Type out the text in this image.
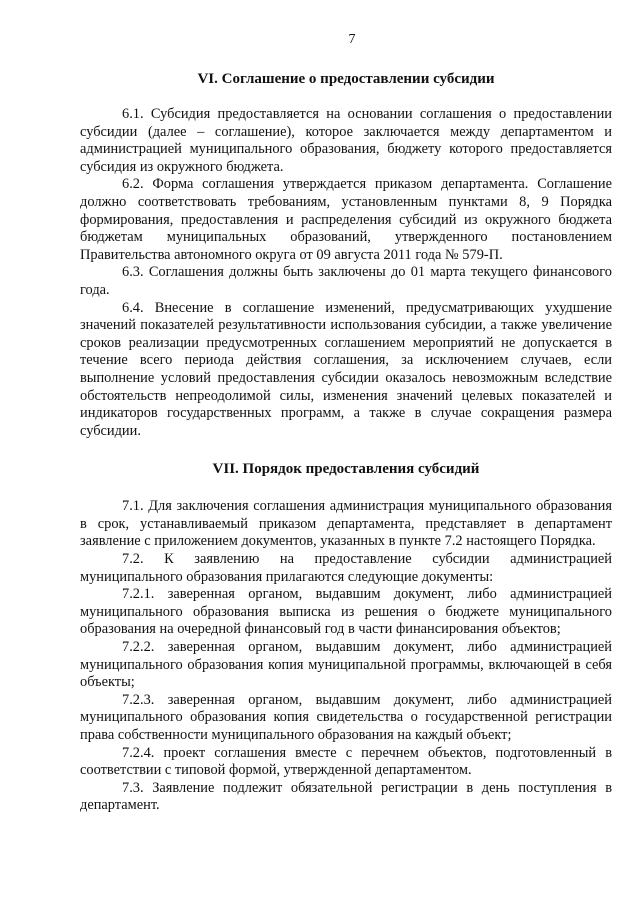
7
VI. Соглашение о предоставлении субсидии

6.1. Субсидия предоставляется на основании соглашения о предоставлении субсидии (далее – соглашение), которое заключается между департаментом и администрацией муниципального образования, бюджету которого предоставляется субсидия из окружного бюджета.

6.2. Форма соглашения утверждается приказом департамента. Соглашение должно соответствовать требованиям, установленным пунктами 8, 9 Порядка формирования, предоставления и распределения субсидий из окружного бюджета бюджетам муниципальных образований, утвержденного постановлением Правительства автономного округа от 09 августа 2011 года № 579-П.

6.3. Соглашения должны быть заключены до 01 марта текущего финансового года.

6.4. Внесение в соглашение изменений, предусматривающих ухудшение значений показателей результативности использования субсидии, а также увеличение сроков реализации предусмотренных соглашением мероприятий не допускается в течение всего периода действия соглашения, за исключением случаев, если выполнение условий предоставления субсидии оказалось невозможным вследствие обстоятельств непреодолимой силы, изменения значений целевых показателей и индикаторов государственных программ, а также в случае сокращения размера субсидии.

VII. Порядок предоставления субсидий

7.1. Для заключения соглашения администрация муниципального образования в срок, устанавливаемый приказом департамента, представляет в департамент заявление с приложением документов, указанных в пункте 7.2 настоящего Порядка.

7.2. К заявлению на предоставление субсидии администрацией муниципального образования прилагаются следующие документы:

7.2.1. заверенная органом, выдавшим документ, либо администрацией муниципального образования выписка из решения о бюджете муниципального образования на очередной финансовый год в части финансирования объектов;

7.2.2. заверенная органом, выдавшим документ, либо администрацией муниципального образования копия муниципальной программы, включающей в себя объекты;

7.2.3. заверенная органом, выдавшим документ, либо администрацией муниципального образования копия свидетельства о государственной регистрации права собственности муниципального образования на каждый объект;

7.2.4. проект соглашения вместе с перечнем объектов, подготовленный в соответствии с типовой формой, утвержденной департаментом.

7.3. Заявление подлежит обязательной регистрации в день поступления в департамент.
